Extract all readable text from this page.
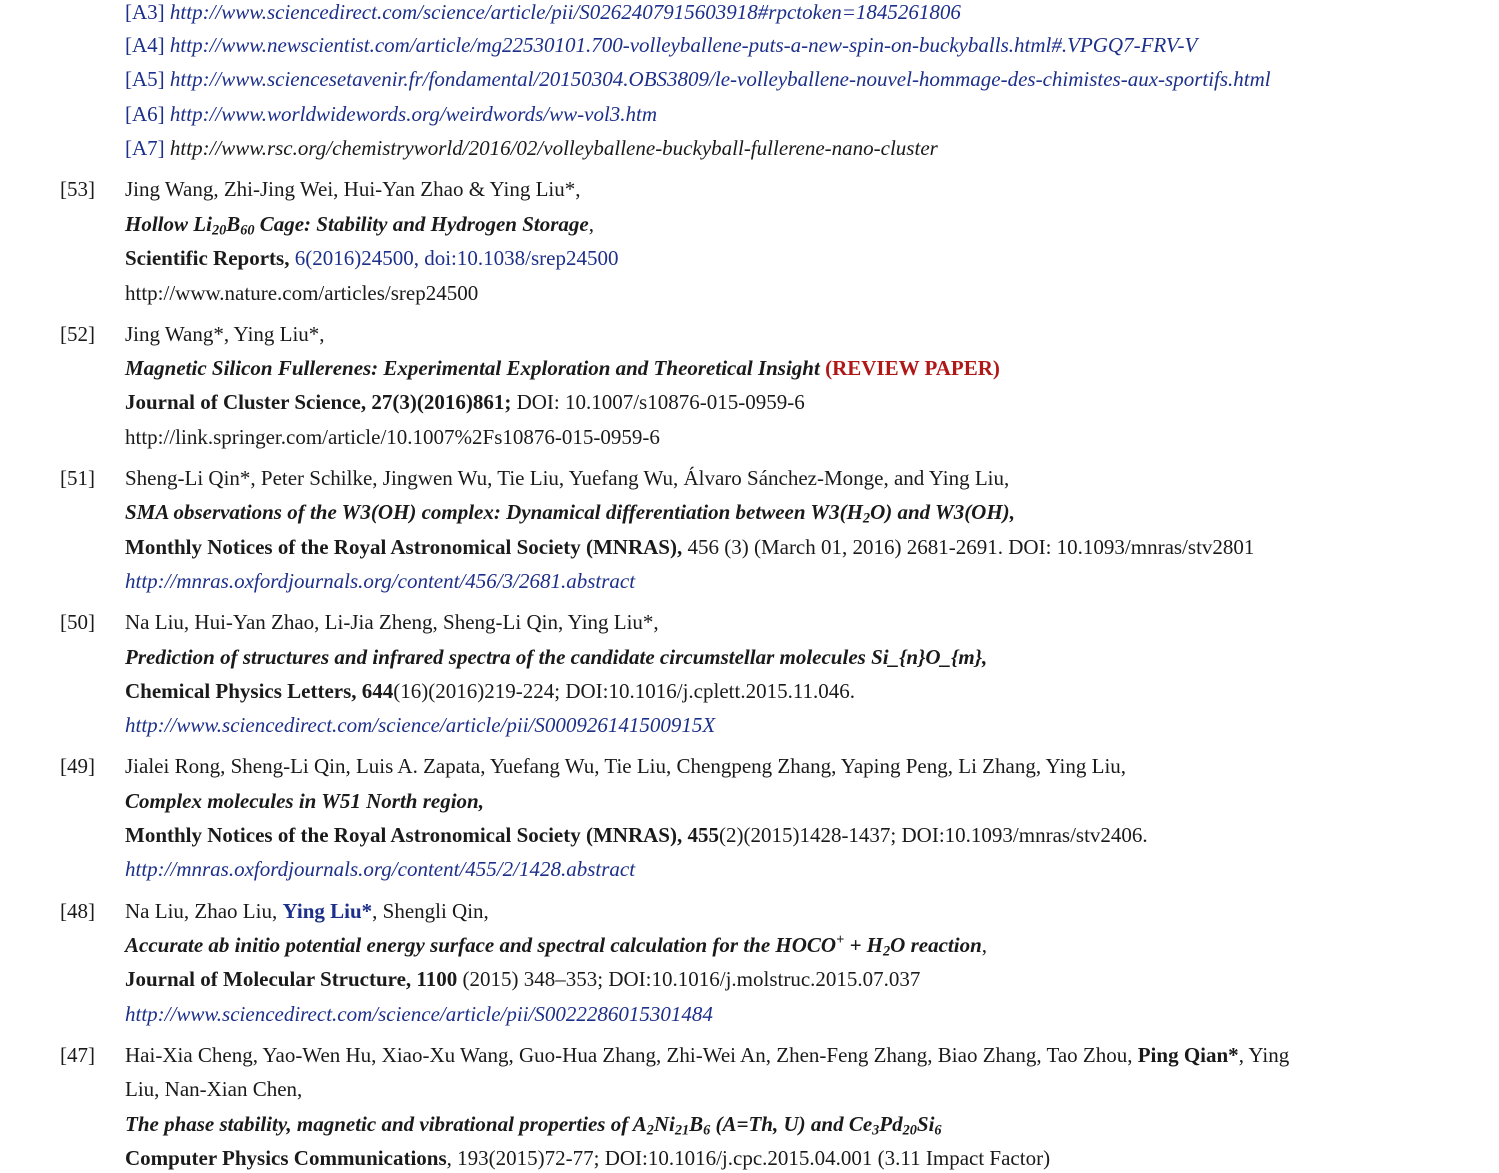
[A3] http://www.sciencedirect.com/science/article/pii/S0262407915603918#rpctoken=1845261806
[A4] http://www.newscientist.com/article/mg22530101.700-volleyballene-puts-a-new-spin-on-buckyballs.html#.VPGQ7-FRV-V
[A5] http://www.sciencesetavenir.fr/fondamental/20150304.OBS3809/le-volleyballene-nouvel-hommage-des-chimistes-aux-sportifs.html
[A6] http://www.worldwidewords.org/weirdwords/ww-vol3.htm
[A7] http://www.rsc.org/chemistryworld/2016/02/volleyballene-buckyball-fullerene-nano-cluster
[53] Jing Wang, Zhi-Jing Wei, Hui-Yan Zhao & Ying Liu*,
Hollow $Li_{20}B_{60}$ Cage: Stability and Hydrogen Storage,
Scientific Reports, 6(2016)24500, doi:10.1038/srep24500
http://www.nature.com/articles/srep24500
[52] Jing Wang*, Ying Liu*,
Magnetic Silicon Fullerenes: Experimental Exploration and Theoretical Insight (REVIEW PAPER)
Journal of Cluster Science, 27(3)(2016)861; DOI: 10.1007/s10876-015-0959-6
http://link.springer.com/article/10.1007%2Fs10876-015-0959-6
[51] Sheng-Li Qin*, Peter Schilke, Jingwen Wu, Tie Liu, Yuefang Wu, Álvaro Sánchez-Monge, and Ying Liu,
SMA observations of the W3(OH) complex: Dynamical differentiation between $W3(H_2O)$ and W3(OH),
Monthly Notices of the Royal Astronomical Society (MNRAS), 456 (3) (March 01, 2016) 2681-2691. DOI: 10.1093/mnras/stv2801
http://mnras.oxfordjournals.org/content/456/3/2681.abstract
[50] Na Liu, Hui-Yan Zhao, Li-Jia Zheng, Sheng-Li Qin, Ying Liu*,
Prediction of structures and infrared spectra of the candidate circumstellar molecules Si_{n}O_{m},
Chemical Physics Letters, 644(16)(2016)219-224; DOI:10.1016/j.cplett.2015.11.046.
http://www.sciencedirect.com/science/article/pii/S000926141500915X
[49] Jialei Rong, Sheng-Li Qin, Luis A. Zapata, Yuefang Wu, Tie Liu, Chengpeng Zhang, Yaping Peng, Li Zhang, Ying Liu,
Complex molecules in W51 North region,
Monthly Notices of the Royal Astronomical Society (MNRAS), 455(2)(2015)1428-1437; DOI:10.1093/mnras/stv2406.
http://mnras.oxfordjournals.org/content/455/2/1428.abstract
[48] Na Liu, Zhao Liu, Ying Liu*, Shengli Qin,
Accurate ab initio potential energy surface and spectral calculation for the HOCO+ + $H_2O$ reaction,
Journal of Molecular Structure, 1100 (2015) 348–353; DOI:10.1016/j.molstruc.2015.07.037
http://www.sciencedirect.com/science/article/pii/S0022286015301484
[47] Hai-Xia Cheng, Yao-Wen Hu, Xiao-Xu Wang, Guo-Hua Zhang, Zhi-Wei An, Zhen-Feng Zhang, Biao Zhang, Tao Zhou, Ping Qian*, Ying
Liu, Nan-Xian Chen,
The phase stability, magnetic and vibrational properties of $A_2Ni_{21}B_6$ (A=Th, U) and $Ce_3Pd_{20}Si_6$
Computer Physics Communications, 193(2015)72-77; DOI:10.1016/j.cpc.2015.04.001 (3.11 Impact Factor)
